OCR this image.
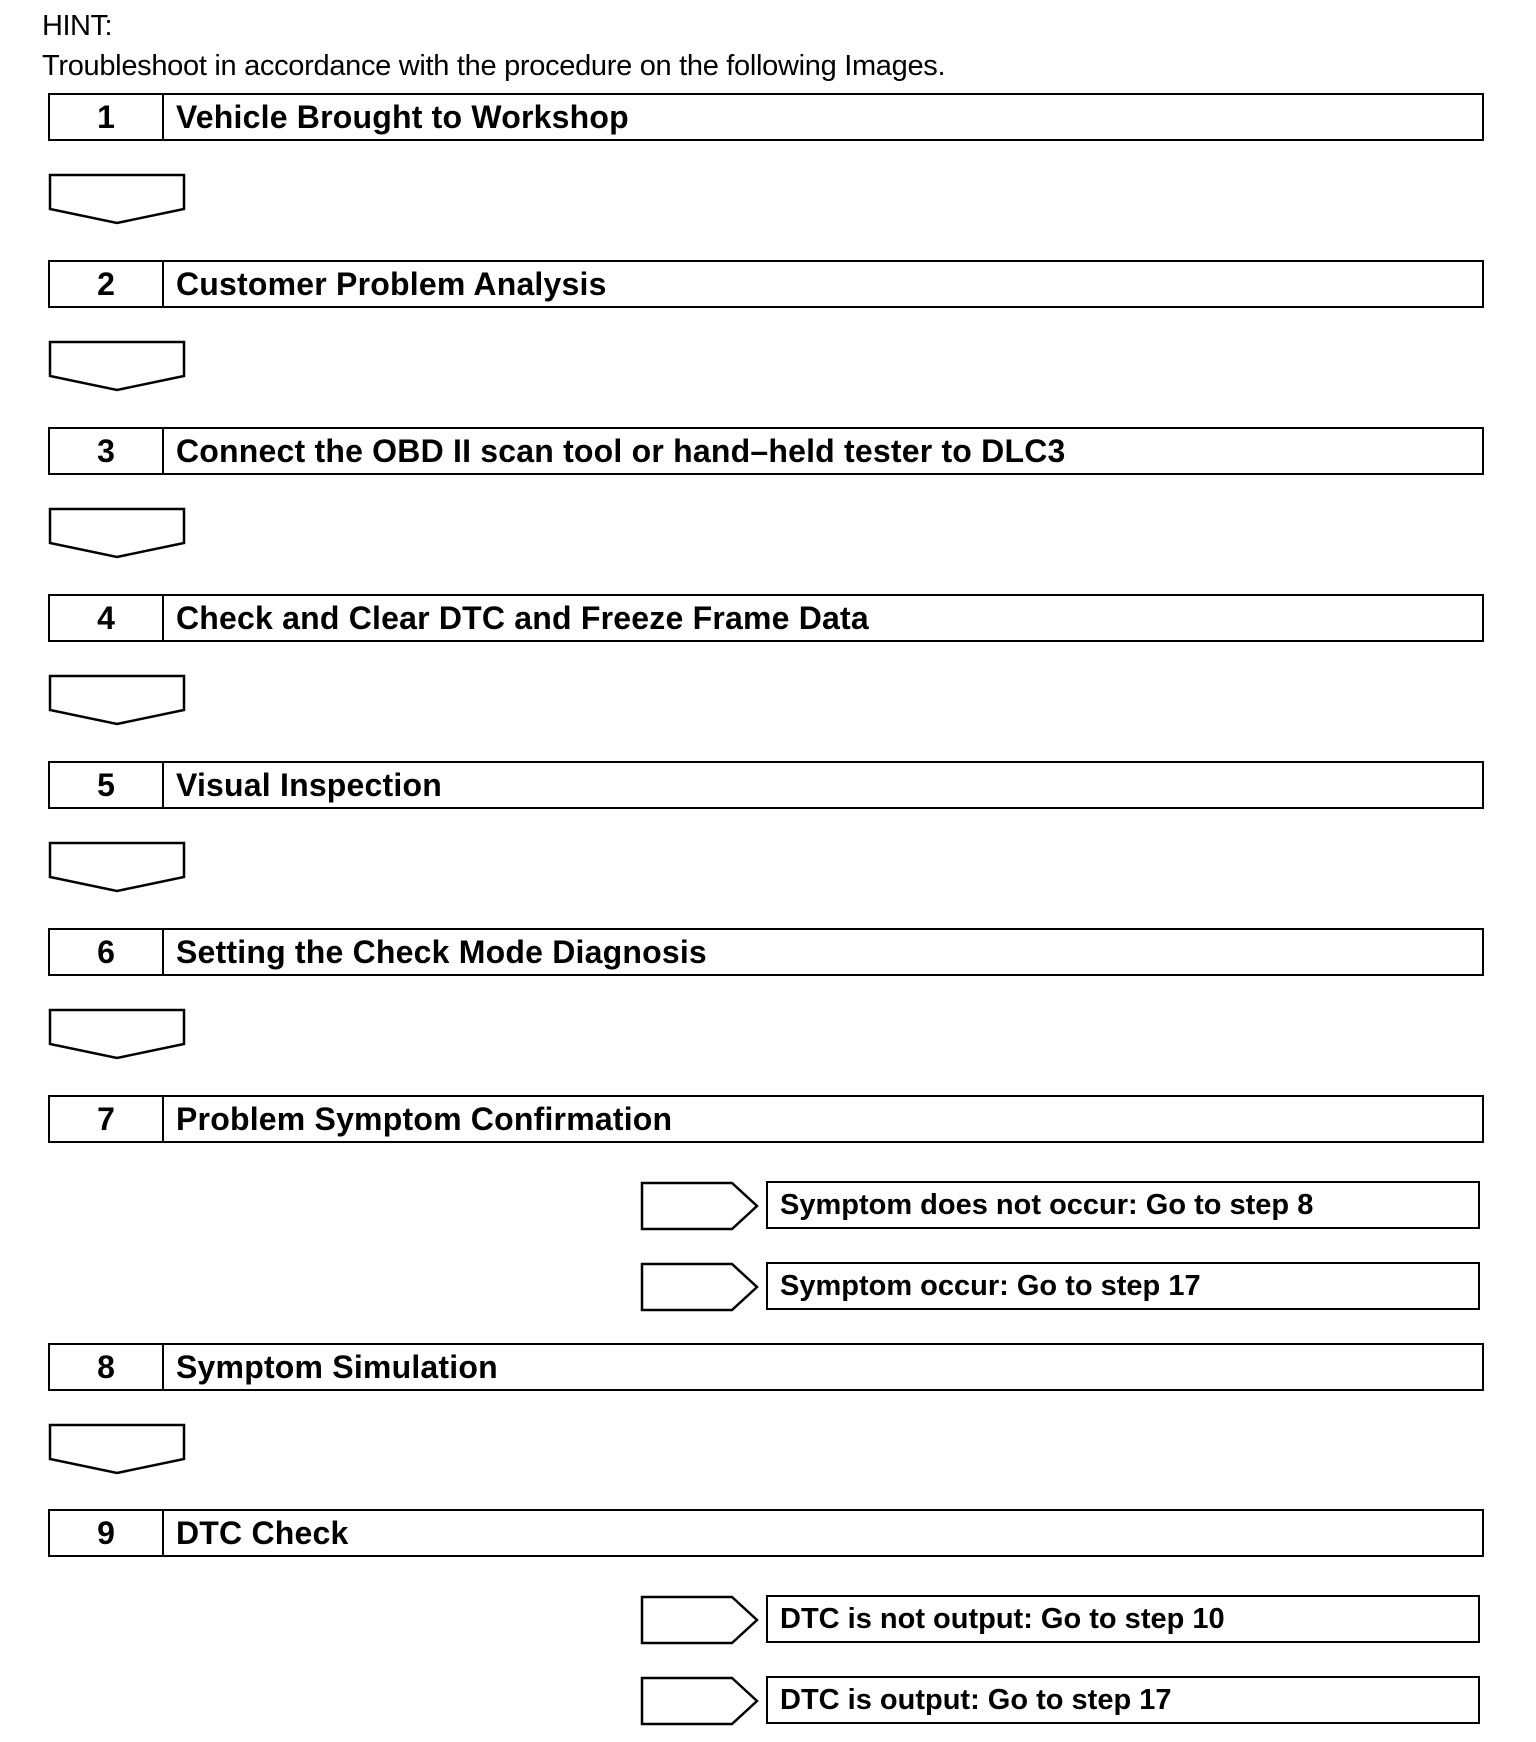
HINT:
Troubleshoot in accordance with the procedure on the following Images.
1	Vehicle Brought to Workshop
2	Customer Problem Analysis
3	Connect the OBD II scan tool or hand–held tester to DLC3
4	Check and Clear DTC and Freeze Frame Data
5	Visual Inspection
6	Setting the Check Mode Diagnosis
7	Problem Symptom Confirmation
Symptom does not occur: Go to step 8
Symptom occur: Go to step 17
8	Symptom Simulation
9	DTC Check
DTC is not output: Go to step 10
DTC is output: Go to step 17
